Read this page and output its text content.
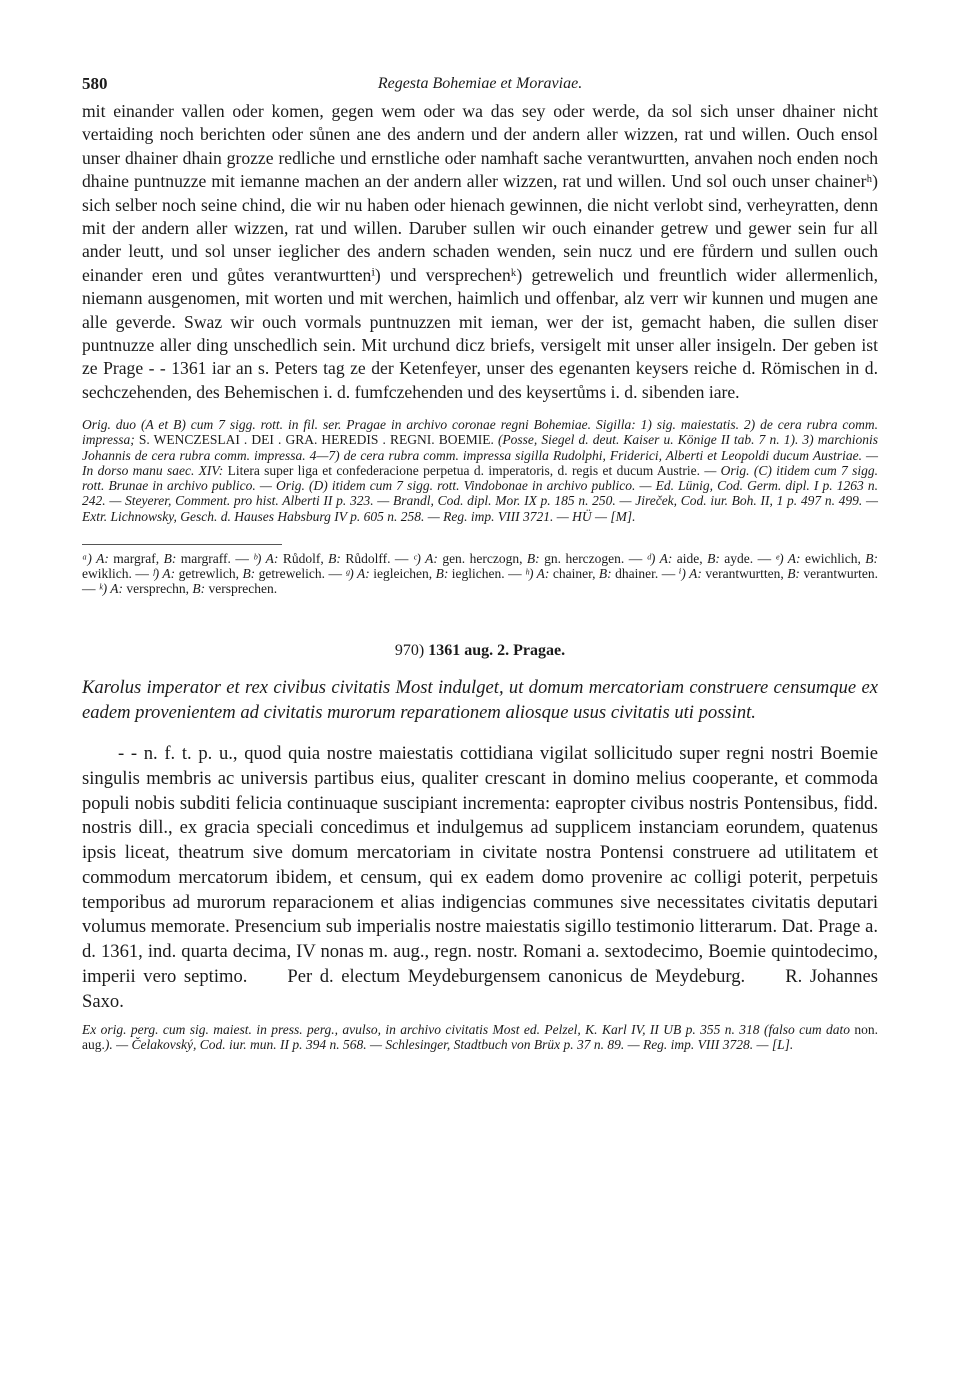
580	Regesta Bohemiae et Moraviae.

mit einander vallen oder komen, gegen wem oder wa das sey oder werde, da sol sich unser dhainer nicht vertaiding noch berichten oder sůnen ane des andern und der andern aller wizzen, rat und willen. Ouch ensol unser dhainer dhain grozze redliche und ernstliche oder namhaft sache verantwurtten, anvahen noch enden noch dhaine puntnuzze mit iemanne machen an der andern aller wizzen, rat und willen. Und sol ouch unser chainerʰ) sich selber noch seine chind, die wir nu haben oder hienach gewinnen, die nicht verlobt sind, verheyratten, denn mit der andern aller wizzen, rat und willen. Daruber sullen wir ouch einander getrew und gewer sein fur all ander leutt, und sol unser ieglicher des andern schaden wenden, sein nucz und ere fůrdern und sullen ouch einander eren und gůtes verantwurttenⁱ) und versprechenᵏ) getrewelich und freuntlich wider allermenlich, niemann ausgenomen, mit worten und mit werchen, haimlich und offenbar, alz verr wir kunnen und mugen ane alle geverde. Swaz wir ouch vormals puntnuzzen mit ieman, wer der ist, gemacht haben, die sullen diser puntnuzze aller ding unschedlich sein. Mit urchund dicz briefs, versigelt mit unser aller insigeln. Der geben ist ze Prage - - 1361 iar an s. Peters tag ze der Ketenfeyer, unser des egenanten keysers reiche d. Römischen in d. sechczehenden, des Behemischen i. d. fumfczehenden und des keysertůms i. d. sibenden iare.

Orig. duo (A et B) cum 7 sigg. rott. in fil. ser. Pragae in archivo coronae regni Bohemiae. Sigilla: 1) sig. maiestatis. 2) de cera rubra comm. impressa; S. WENCZESLAI . DEI . GRA. HEREDIS . REGNI. BOEMIE. (Posse, Siegel d. deut. Kaiser u. Könige II tab. 7 n. 1). 3) marchionis Johannis de cera rubra comm. impressa. 4—7) de cera rubra comm. impressa sigilla Rudolphi, Friderici, Alberti et Leopoldi ducum Austriae. — In dorso manu saec. XIV: Litera super liga et confederacione perpetua d. imperatoris, d. regis et ducum Austrie. — Orig. (C) itidem cum 7 sigg. rott. Brunae in archivo publico. — Orig. (D) itidem cum 7 sigg. rott. Vindobonae in archivo publico. — Ed. Lünig, Cod. Germ. dipl. I p. 1263 n. 242. — Steyerer, Comment. pro hist. Alberti II p. 323. — Brandl, Cod. dipl. Mor. IX p. 185 n. 250. — Jireček, Cod. iur. Boh. II, 1 p. 497 n. 499. — Extr. Lichnowsky, Gesch. d. Hauses Habsburg IV p. 605 n. 258. — Reg. imp. VIII 3721. — HÜ — [M].

ᵃ) A: margraf, B: margraff. — ᵇ) A: Růdolf, B: Růdolff. — ᶜ) A: gen. herczogn, B: gn. herczogen. — ᵈ) A: aide, B: ayde. — ᵉ) A: ewichlich, B: ewiklich. — ᶠ) A: getrewlich, B: getrewelich. — ᵍ) A: iegleichen, B: ieglichen. — ʰ) A: chainer, B: dhainer. — ⁱ) A: verantwurtten, B: verantwurten. — ᵏ) A: versprechn, B: versprechen.

970) 1361 aug. 2. Pragae.

Karolus imperator et rex civibus civitatis Most indulget, ut domum mercatoriam construere censumque ex eadem provenientem ad civitatis murorum reparationem aliosque usus civitatis uti possint.

- - n. f. t. p. u., quod quia nostre maiestatis cottidiana vigilat sollicitudo super regni nostri Boemie singulis membris ac universis partibus eius, qualiter crescant in domino melius cooperante, et commoda populi nobis subditi felicia continuaque suscipiant incrementa: eapropter civibus nostris Pontensibus, fidd. nostris dill., ex gracia speciali concedimus et indulgemus ad supplicem instanciam eorundem, quatenus ipsis liceat, theatrum sive domum mercatoriam in civitate nostra Pontensi construere ad utilitatem et commodum mercatorum ibidem, et censum, qui ex eadem domo provenire ac colligi poterit, perpetuis temporibus ad murorum reparacionem et alias indigencias communes sive necessitates civitatis deputari volumus memorate. Presencium sub imperialis nostre maiestatis sigillo testimonio litterarum. Dat. Prage a. d. 1361, ind. quarta decima, IV nonas m. aug., regn. nostr. Romani a. sextodecimo, Boemie quintodecimo, imperii vero septimo. Per d. electum Meydeburgensem canonicus de Meydeburg. R. Johannes Saxo.

Ex orig. perg. cum sig. maiest. in press. perg., avulso, in archivo civitatis Most ed. Pelzel, K. Karl IV, II UB p. 355 n. 318 (falso cum dato non. aug.). — Čelakovský, Cod. iur. mun. II p. 394 n. 568. — Schlesinger, Stadtbuch von Brüx p. 37 n. 89. — Reg. imp. VIII 3728. — [L].
